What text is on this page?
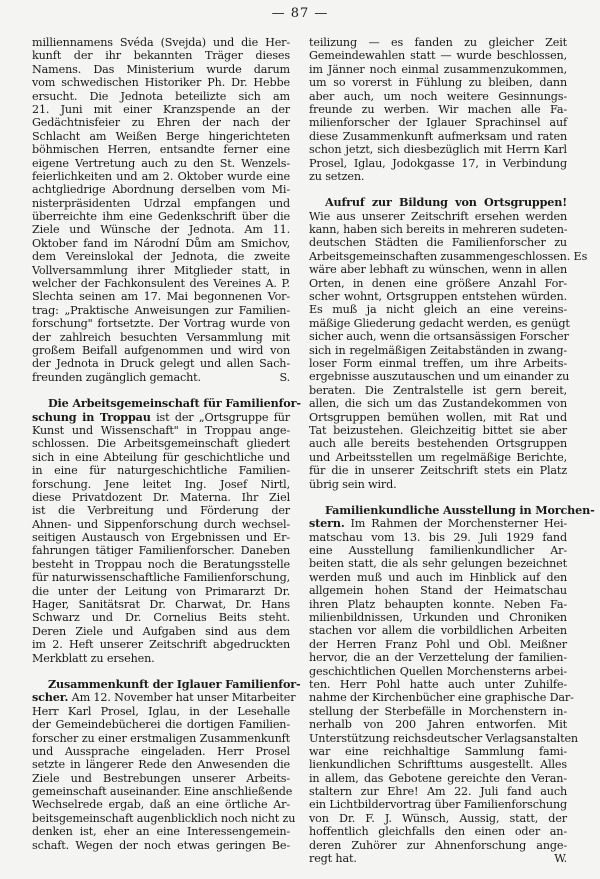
— 87 —
milliennamens Svéda (Svejda) und die Her-
kunft der ihr bekannten Träger dieses
Namens. Das Ministerium wurde darum
vom schwedischen Historiker Ph. Dr. Hebbe
ersucht. Die Jednota beteilizte sich am
21. Juni mit einer Kranzspende an der
Gedächtnisfeier zu Ehren der nach der
Schlacht am Weißen Berge hingerichteten
böhmischen Herren, entsandte ferner eine
eigene Vertretung auch zu den St. Wenzels-
feierlichkeiten und am 2. Oktober wurde eine
achtgliedrige Abordnung derselben vom Mi-
nisterpräsidenten Udrzal empfangen und
überreichte ihm eine Gedenkschrift über die
Ziele und Wünsche der Jednota. Am 11.
Oktober fand im Národní Dům am Smichov,
dem Vereinslokal der Jednota, die zweite
Vollversammlung ihrer Mitglieder statt, in
welcher der Fachkonsulent des Vereines A. P.
Slechta seinen am 17. Mai begonnenen Vor-
trag: „Praktische Anweisungen zur Familien-
forschung" fortsetzte. Der Vortrag wurde von
der zahlreich besuchten Versammlung mit
großem Beifall aufgenommen und wird von
der Jednota in Druck gelegt und allen Sach-
freunden zugänglich gemacht.	S.
Die Arbeitsgemeinschaft für Familienfor-
schung in Troppau ist der „Ortsgruppe für
Kunst und Wissenschaft" in Troppau ange-
schlossen. Die Arbeitsgemeinschaft gliedert
sich in eine Abteilung für geschichtliche und
in eine für naturgeschichtliche Familien-
forschung. Jene leitet Ing. Josef Nirtl,
diese Privatdozent Dr. Materna. Ihr Ziel
ist die Verbreitung und Förderung der
Ahnen- und Sippenforschung durch wechsel-
seitigen Austausch von Ergebnissen und Er-
fahrungen tätiger Familienforscher. Daneben
besteht in Troppau noch die Beratungsstelle
für naturwissenschaftliche Familienforschung,
die unter der Leitung von Primararzt Dr.
Hager, Sanitätsrat Dr. Charwat, Dr. Hans
Schwarz und Dr. Cornelius Beits steht.
Deren Ziele und Aufgaben sind aus dem
im 2. Heft unserer Zeitschrift abgedruckten
Merkblatt zu ersehen.
Zusammenkunft der Iglauer Familienfor-
scher. Am 12. November hat unser Mitarbeiter
Herr Karl Prosel, Iglau, in der Lesehalle
der Gemeindebücherei die dortigen Familien-
forscher zu einer erstmaligen Zusammenkunft
und Aussprache eingeladen. Herr Prosel
setzte in längerer Rede den Anwesenden die
Ziele und Bestrebungen unserer Arbeits-
gemeinschaft auseinander. Eine anschließende
Wechselrede ergab, daß an eine örtliche Ar-
beitsgemeinschaft augenblicklich noch nicht zu
denken ist, eher an eine Interessengemein-
schaft. Wegen der noch etwas geringen Be-
teilizung — es fanden zu gleicher Zeit
Gemeindewahlen statt — wurde beschlossen,
im Jänner noch einmal zusammenzukommen,
um so vorerst in Fühlung zu bleiben, dann
aber auch, um noch weitere Gesinnungs-
freunde zu werben. Wir machen alle Fa-
milienforscher der Iglauer Sprachinsel auf
diese Zusammenkunft aufmerksam und raten
schon jetzt, sich diesbezüglich mit Herrn Karl
Prosel, Iglau, Jodokgasse 17, in Verbindung
zu setzen.
Aufruf zur Bildung von Ortsgruppen!
Wie aus unserer Zeitschrift ersehen werden
kann, haben sich bereits in mehreren sudeten-
deutschen Städten die Familienforscher zu
Arbeitsgemeinschaften zusammengeschlossen. Es
wäre aber lebhaft zu wünschen, wenn in allen
Orten, in denen eine größere Anzahl For-
scher wohnt, Ortsgruppen entstehen würden.
Es muß ja nicht gleich an eine vereins-
mäßige Gliederung gedacht werden, es genügt
sicher auch, wenn die ortsansässigen Forscher
sich in regelmäßigen Zeitabständen in zwang-
loser Form einmal treffen, um ihre Arbeits-
ergebnisse auszutauschen und um einander zu
beraten. Die Zentralstelle ist gern bereit,
allen, die sich um das Zustandekommen von
Ortsgruppen bemühen wollen, mit Rat und
Tat beizustehen. Gleichzeitig bittet sie aber
auch alle bereits bestehenden Ortsgruppen
und Arbeitsstellen um regelmäßige Berichte,
für die in unserer Zeitschrift stets ein Platz
übrig sein wird.
Familienkundliche Ausstellung in Morchen-
stern. Im Rahmen der Morchensterner Hei-
matschau vom 13. bis 29. Juli 1929 fand
eine Ausstellung familienkundlicher Ar-
beiten statt, die als sehr gelungen bezeichnet
werden muß und auch im Hinblick auf den
allgemein hohen Stand der Heimatschau
ihren Platz behaupten konnte. Neben Fa-
milienbildnissen, Urkunden und Chroniken
stachen vor allem die vorbildlichen Arbeiten
der Herren Franz Pohl und Obl. Meißner
hervor, die an der Verzettelung der familien-
geschichtlichen Quellen Morchensterns arbei-
ten. Herr Pohl hatte auch unter Zuhilfe-
nahme der Kirchenbücher eine graphische Dar-
stellung der Sterbefälle in Morchenstern in-
nerhalb von 200 Jahren entworfen. Mit
Unterstützung reichsdeutscher Verlagsanstalten
war eine reichhaltige Sammlung fami-
lienkundlichen Schrifttums ausgestellt. Alles
in allem, das Gebotene gereichte den Veran-
staltern zur Ehre! Am 22. Juli fand auch
ein Lichtbildervortrag über Familienforschung
von Dr. F. J. Wünsch, Aussig, statt, der
hoffentlich gleichfalls den einen oder an-
deren Zuhörer zur Ahnenforschung ange-
regt hat.	W.
